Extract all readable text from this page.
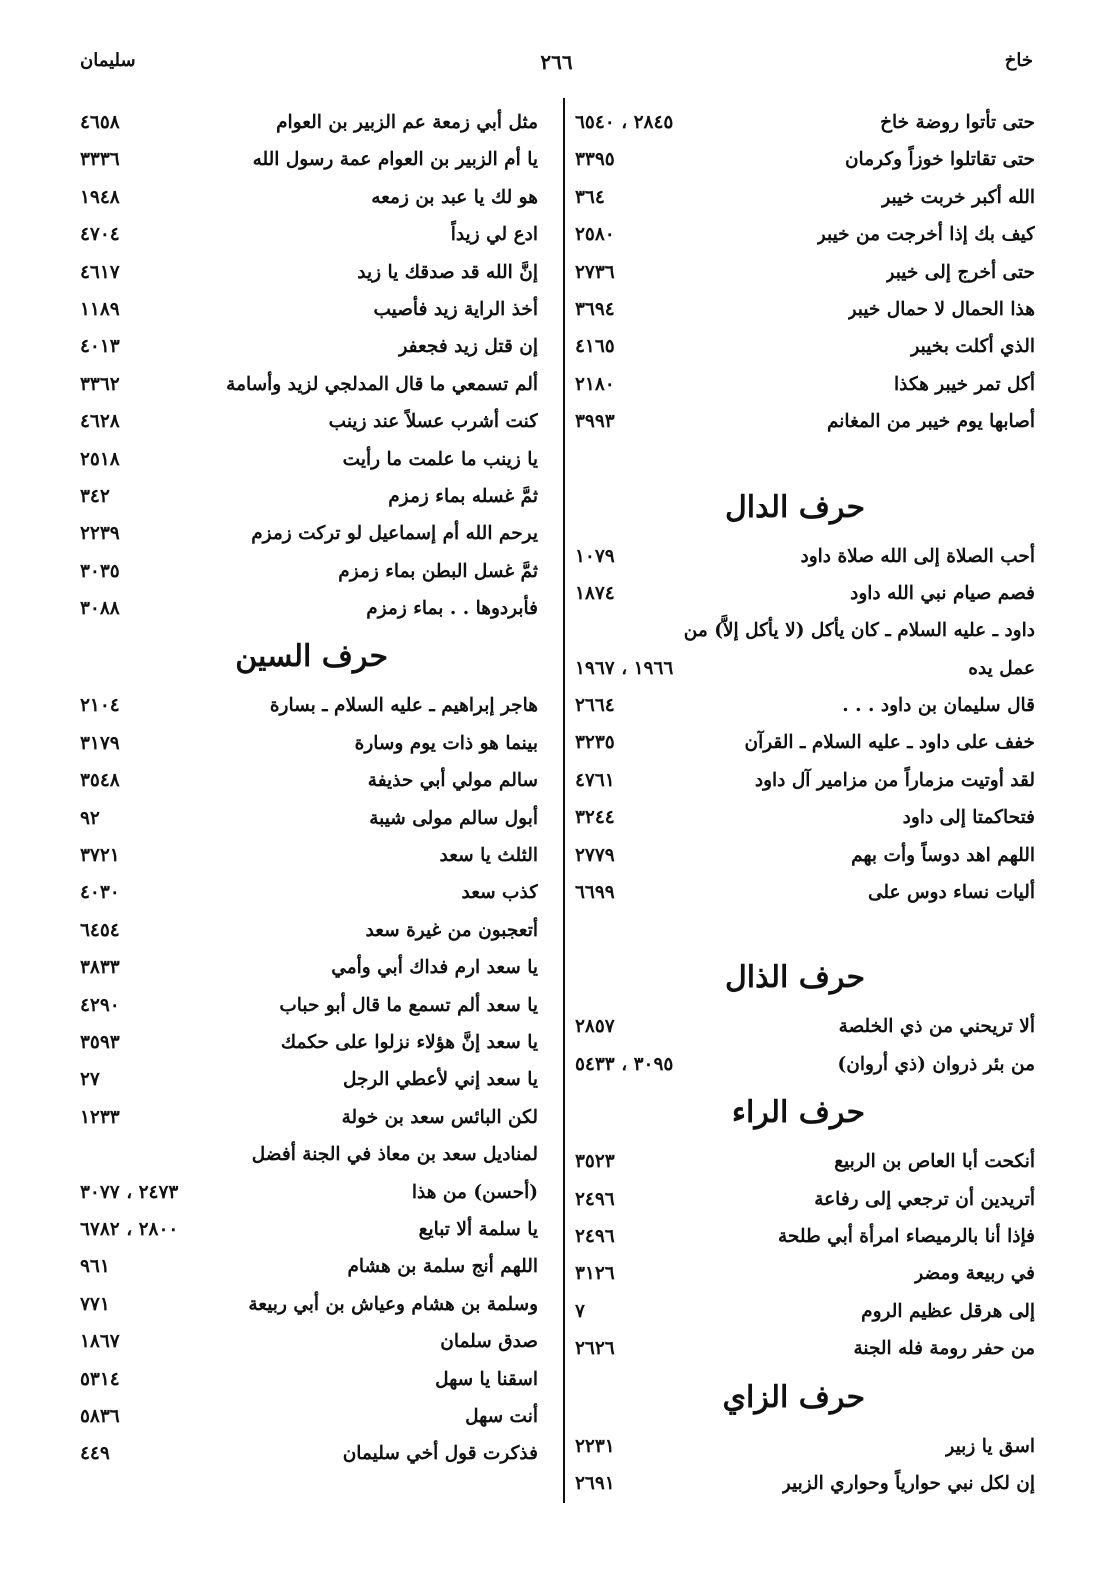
خاخ
٢٦٦
سليمان
حتى تأتوا روضة خاخ
٢٨٤٥ ، ٦٥٤٠
حتى تقاتلوا خوزاً وكرمان
٣٣٩٥
الله أكبر خربت خيبر
٣٦٤
كيف بك إذا أخرجت من خيبر
٢٥٨٠
حتى أخرج إلى خيبر
٢٧٣٦
هذا الحمال لا حمال خيبر
٣٦٩٤
الذي أكلت بخيبر
٤١٦٥
أكل تمر خيبر هكذا
٢١٨٠
أصابها يوم خيبر من المغانم
٣٩٩٣
حرف الدال
أحب الصلاة إلى الله صلاة داود
١٠٧٩
فصم صيام نبي الله داود
١٨٧٤
داود ـ عليه السلام ـ كان يأكل (لا يأكل إلاَّ) من
عمل يده
١٩٦٦ ، ١٩٦٧
قال سليمان بن داود . . .
٢٦٦٤
خفف على داود ـ عليه السلام ـ القرآن
٣٢٣٥
لقد أوتيت مزماراً من مزامير آل داود
٤٧٦١
فتحاكمتا إلى داود
٣٢٤٤
اللهم اهد دوساً وأت بهم
٢٧٧٩
أليات نساء دوس على
٦٦٩٩
حرف الذال
ألا تريحني من ذي الخلصة
٢٨٥٧
من بئر ذروان (ذي أروان)
٣٠٩٥ ، ٥٤٣٣
حرف الراء
أنكحت أبا العاص بن الربيع
٣٥٢٣
أتريدين أن ترجعي إلى رفاعة
٢٤٩٦
فإذا أنا بالرميصاء امرأة أبي طلحة
٢٤٩٦
في ربيعة ومضر
٣١٢٦
إلى هرقل عظيم الروم
٧
من حفر رومة فله الجنة
٢٦٢٦
حرف الزاي
اسق يا زبير
٢٢٣١
إن لكل نبي حوارياً وحواري الزبير
٢٦٩١
مثل أبي زمعة عم الزبير بن العوام
٤٦٥٨
يا أم الزبير بن العوام عمة رسول الله
٣٣٣٦
هو لك يا عبد بن زمعه
١٩٤٨
ادع لي زيداً
٤٧٠٤
إنَّ الله قد صدقك يا زيد
٤٦١٧
أخذ الراية زيد فأصيب
١١٨٩
إن قتل زيد فجعفر
٤٠١٣
ألم تسمعي ما قال المدلجي لزيد وأسامة
٣٣٦٢
كنت أشرب عسلاً عند زينب
٤٦٢٨
يا زينب ما علمت ما رأيت
٢٥١٨
ثمَّ غسله بماء زمزم
٣٤٢
يرحم الله أم إسماعيل لو تركت زمزم
٢٢٣٩
ثمَّ غسل البطن بماء زمزم
٣٠٣٥
فأبردوها . . بماء زمزم
٣٠٨٨
حرف السين
هاجر إبراهيم ـ عليه السلام ـ بسارة
٢١٠٤
بينما هو ذات يوم وسارة
٣١٧٩
سالم مولي أبي حذيفة
٣٥٤٨
أبول سالم مولى شيبة
٩٢
الثلث يا سعد
٣٧٢١
كذب سعد
٤٠٣٠
أتعجبون من غيرة سعد
٦٤٥٤
يا سعد ارم فداك أبي وأمي
٣٨٣٣
يا سعد ألم تسمع ما قال أبو حباب
٤٢٩٠
يا سعد إنَّ هؤلاء نزلوا على حكمك
٣٥٩٣
يا سعد إني لأعطي الرجل
٢٧
لكن البائس سعد بن خولة
١٢٣٣
لمناديل سعد بن معاذ في الجنة أفضل
(أحسن) من هذا
٢٤٧٣ ، ٣٠٧٧
يا سلمة ألا تبايع
٢٨٠٠ ، ٦٧٨٢
اللهم أنج سلمة بن هشام
٩٦١
وسلمة بن هشام وعياش بن أبي ربيعة
٧٧١
صدق سلمان
١٨٦٧
اسقنا يا سهل
٥٣١٤
أنت سهل
٥٨٣٦
فذكرت قول أخي سليمان
٤٤٩
